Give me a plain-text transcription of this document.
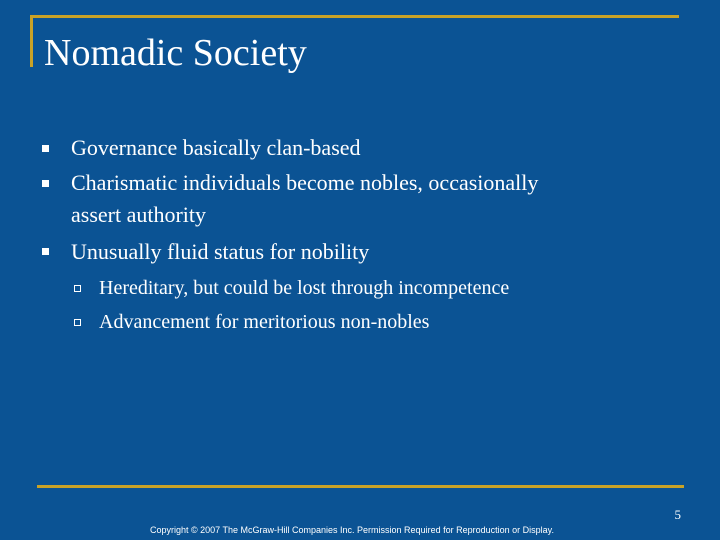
Nomadic Society
Governance basically clan-based
Charismatic individuals become nobles, occasionally
assert authority
Unusually fluid status for nobility
Hereditary, but could be lost through incompetence
Advancement for meritorious non-nobles
5
Copyright © 2007 The McGraw-Hill Companies Inc. Permission Required for Reproduction or Display.
